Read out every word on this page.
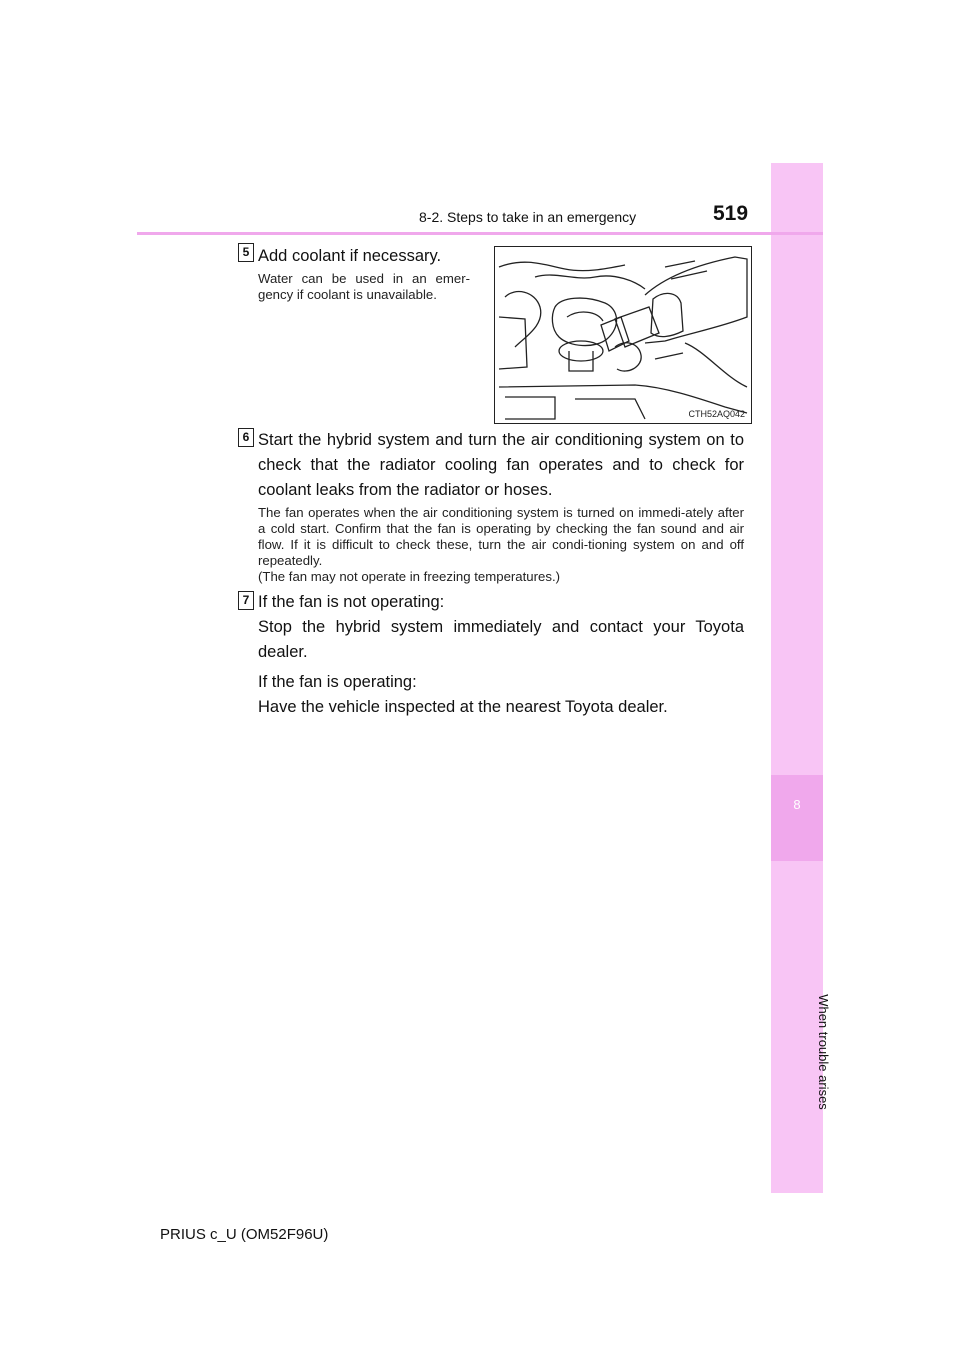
8
When trouble arises
8-2. Steps to take in an emergency	519
5 Add coolant if necessary.
Water can be used in an emer-gency if coolant is unavailable.
CTH52AQ042
6 Start the hybrid system and turn the air conditioning system on to check that the radiator cooling fan operates and to check for coolant leaks from the radiator or hoses.
The fan operates when the air conditioning system is turned on immedi-ately after a cold start. Confirm that the fan is operating by checking the fan sound and air flow. If it is difficult to check these, turn the air condi-tioning system on and off repeatedly.
(The fan may not operate in freezing temperatures.)
7 If the fan is not operating:
Stop the hybrid system immediately and contact your Toyota dealer.
If the fan is operating:
Have the vehicle inspected at the nearest Toyota dealer.
PRIUS c_U (OM52F96U)
